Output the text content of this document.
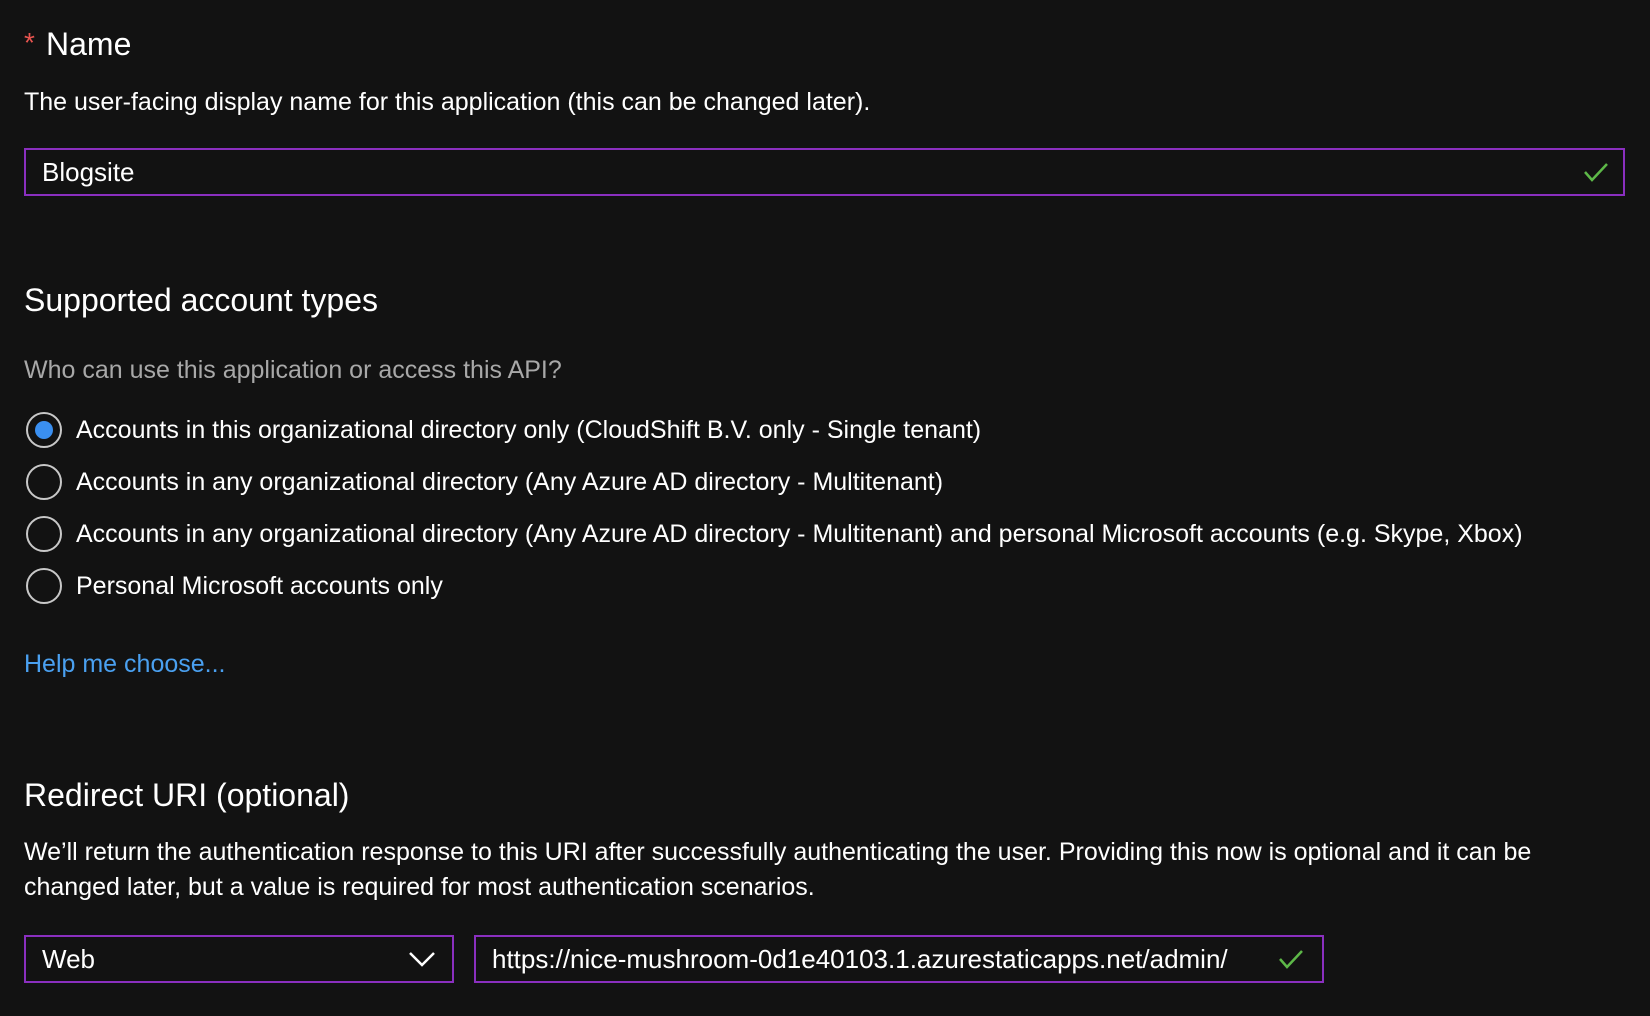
* Name
The user-facing display name for this application (this can be changed later).
Blogsite
Supported account types
Who can use this application or access this API?
Accounts in this organizational directory only (CloudShift B.V. only - Single tenant)
Accounts in any organizational directory (Any Azure AD directory - Multitenant)
Accounts in any organizational directory (Any Azure AD directory - Multitenant) and personal Microsoft accounts (e.g. Skype, Xbox)
Personal Microsoft accounts only
Help me choose...
Redirect URI (optional)
We’ll return the authentication response to this URI after successfully authenticating the user. Providing this now is optional and it can be changed later, but a value is required for most authentication scenarios.
Web	https://nice-mushroom-0d1e40103.1.azurestaticapps.net/admin/
